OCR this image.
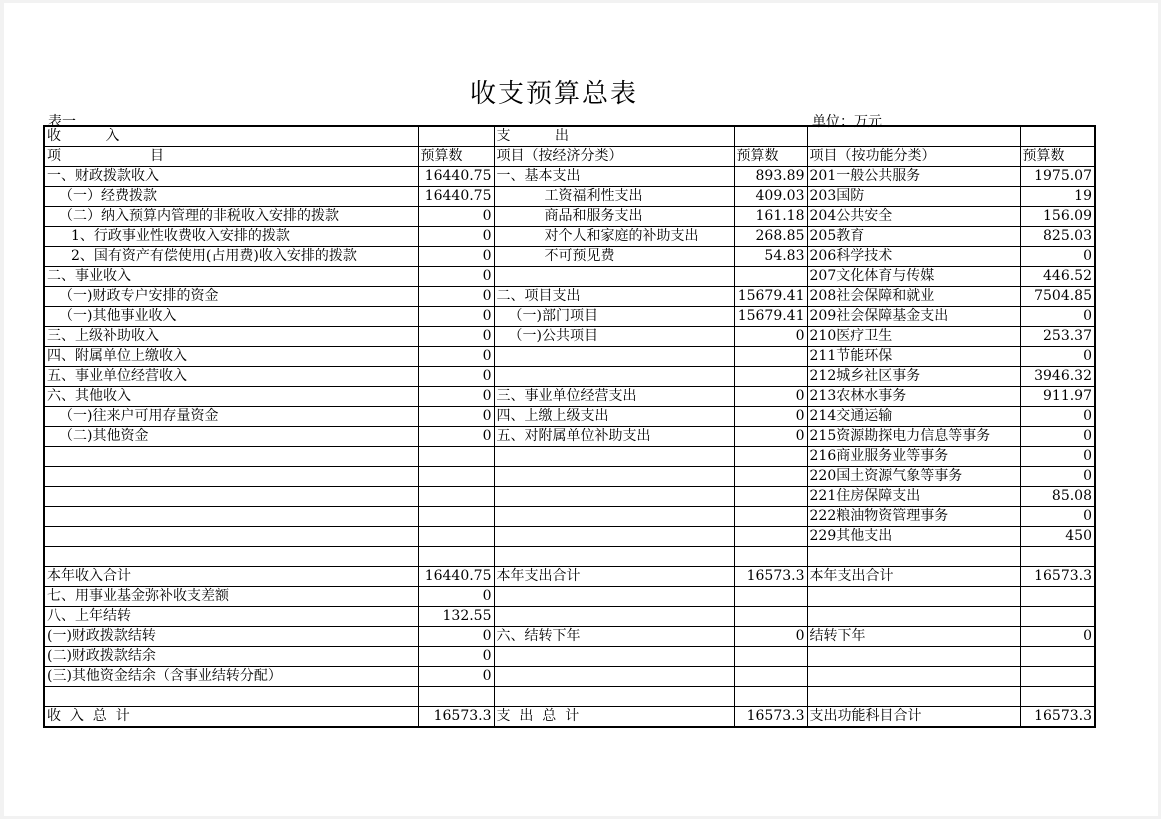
收支预算总表
表一	单位：万元
收          入		支          出			
项                    目	预算数	项目（按经济分类）	预算数	项目（按功能分类）	预算数
一、财政拨款收入	16440.75	一、基本支出	893.89	201一般公共服务	1975.07
（一）经费拨款	16440.75	工资福利性支出	409.03	203国防	19
（二）纳入预算内管理的非税收入安排的拨款	0	商品和服务支出	161.18	204公共安全	156.09
1、行政事业性收费收入安排的拨款	0	对个人和家庭的补助支出	268.85	205教育	825.03
2、国有资产有偿使用(占用费)收入安排的拨款	0	不可预见费	54.83	206科学技术	0
二、事业收入	0			207文化体育与传媒	446.52
（一)财政专户安排的资金	0	二、项目支出	15679.41	208社会保障和就业	7504.85
（一)其他事业收入	0	（一)部门项目	15679.41	209社会保障基金支出	0
三、上级补助收入	0	（一)公共项目	0	210医疗卫生	253.37
四、附属单位上缴收入	0			211节能环保	0
五、事业单位经营收入	0			212城乡社区事务	3946.32
六、其他收入	0	三、事业单位经营支出	0	213农林水事务	911.97
（一)往来户可用存量资金	0	四、上缴上级支出	0	214交通运输	0
（二)其他资金	0	五、对附属单位补助支出	0	215资源勘探电力信息等事务	0
				216商业服务业等事务	0
				220国土资源气象等事务	0
				221住房保障支出	85.08
				222粮油物资管理事务	0
				229其他支出	450

本年收入合计	16440.75	本年支出合计	16573.3	本年支出合计	16573.3
七、用事业基金弥补收支差额	0				
八、上年结转	132.55				
(一)财政拨款结转	0	六、结转下年	0	结转下年	0
(二)财政拨款结余	0				
(三)其他资金结余（含事业结转分配）	0				

收  入  总  计	16573.3	支  出  总  计	16573.3	支出功能科目合计	16573.3
